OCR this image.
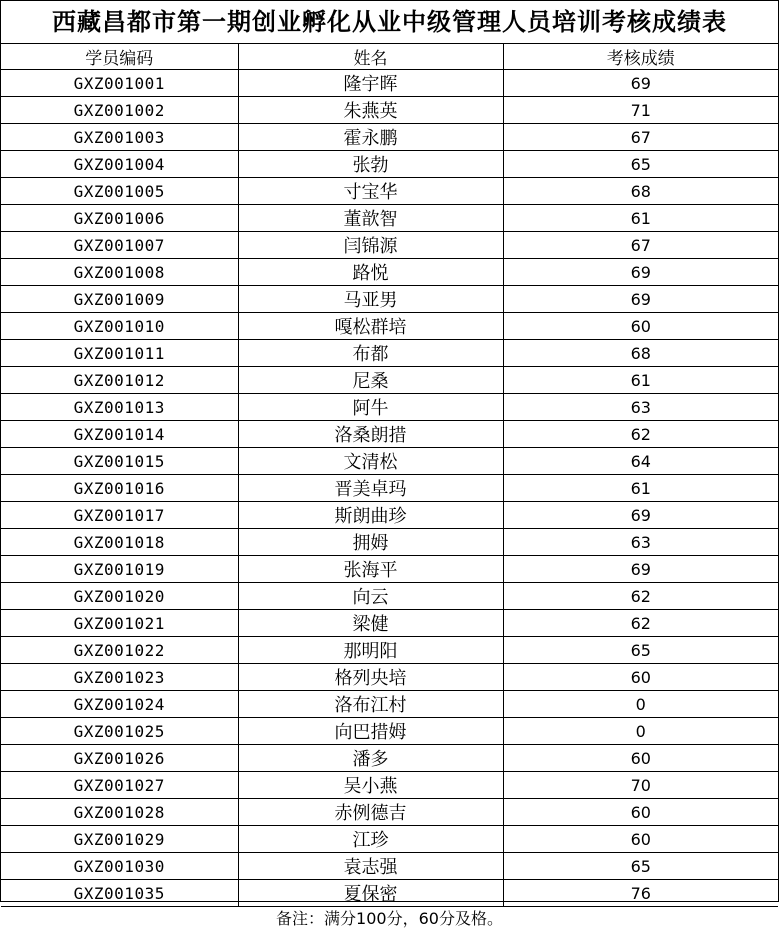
西藏昌都市第一期创业孵化从业中级管理人员培训考核成绩表
学员编码	姓名	考核成绩
GXZ001001	隆宇晖	69
GXZ001002	朱燕英	71
GXZ001003	霍永鹏	67
GXZ001004	张勃	65
GXZ001005	寸宝华	68
GXZ001006	董歆智	61
GXZ001007	闫锦源	67
GXZ001008	路悦	69
GXZ001009	马亚男	69
GXZ001010	嘎松群培	60
GXZ001011	布都	68
GXZ001012	尼桑	61
GXZ001013	阿牛	63
GXZ001014	洛桑朗措	62
GXZ001015	文清松	64
GXZ001016	晋美卓玛	61
GXZ001017	斯朗曲珍	69
GXZ001018	拥姆	63
GXZ001019	张海平	69
GXZ001020	向云	62
GXZ001021	梁健	62
GXZ001022	那明阳	65
GXZ001023	格列央培	60
GXZ001024	洛布江村	0
GXZ001025	向巴措姆	0
GXZ001026	潘多	60
GXZ001027	吴小燕	70
GXZ001028	赤例德吉	60
GXZ001029	江珍	60
GXZ001030	袁志强	65
GXZ001035	夏保密	76
备注：满分100分，60分及格。
